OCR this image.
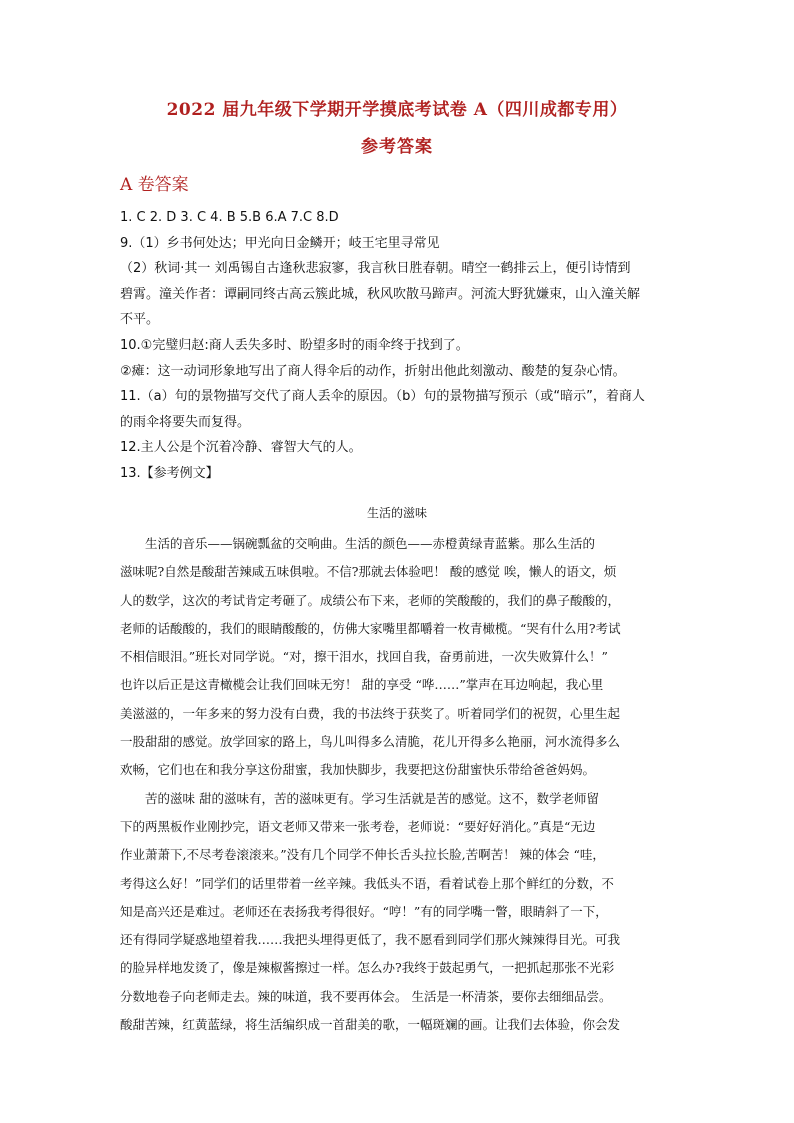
2022 届九年级下学期开学摸底考试卷 A（四川成都专用）
参考答案
A 卷答案
1. C 2. D 3. C 4. B 5.B 6.A 7.C 8.D
9.（1）乡书何处达；甲光向日金鳞开；岐王宅里寻常见
（2）秋词·其一 刘禹锡自古逢秋悲寂寥，我言秋日胜春朝。晴空一鹤排云上，便引诗情到
碧霄。潼关作者：谭嗣同终古高云簇此城，秋风吹散马蹄声。河流大野犹嫌束，山入潼关解
不平。
10.①完璧归赵:商人丢失多时、盼望多时的雨伞终于找到了。
②瘫：这一动词形象地写出了商人得伞后的动作，折射出他此刻激动、酸楚的复杂心情。
11.（a）句的景物描写交代了商人丢伞的原因。（b）句的景物描写预示（或“暗示”，着商人
的雨伞将要失而复得。
12.主人公是个沉着冷静、睿智大气的人。
13.【参考例文】
生活的滋味
　　生活的音乐——锅碗瓢盆的交响曲。生活的颜色——赤橙黄绿青蓝紫。那么生活的
滋味呢?自然是酸甜苦辣咸五味俱啦。不信?那就去体验吧！ 酸的感觉 唉，懒人的语文，烦
人的数学，这次的考试肯定考砸了。成绩公布下来，老师的笑酸酸的，我们的鼻子酸酸的，
老师的话酸酸的，我们的眼睛酸酸的，仿佛大家嘴里都嚼着一枚青橄榄。“哭有什么用?考试
不相信眼泪。”班长对同学说。“对，擦干泪水，找回自我，奋勇前进，一次失败算什么！”
也许以后正是这青橄榄会让我们回味无穷！ 甜的享受 “哗……”掌声在耳边响起，我心里
美滋滋的，一年多来的努力没有白费，我的书法终于获奖了。听着同学们的祝贺，心里生起
一股甜甜的感觉。放学回家的路上，鸟儿叫得多么清脆，花儿开得多么艳丽，河水流得多么
欢畅，它们也在和我分享这份甜蜜，我加快脚步，我要把这份甜蜜快乐带给爸爸妈妈。
　　苦的滋味 甜的滋味有，苦的滋味更有。学习生活就是苦的感觉。这不，数学老师留
下的两黑板作业刚抄完，语文老师又带来一张考卷，老师说：“要好好消化。”真是“无边
作业萧萧下,不尽考卷滚滚来。”没有几个同学不伸长舌头拉长脸,苦啊苦！ 辣的体会 “哇，
考得这么好！”同学们的话里带着一丝辛辣。我低头不语，看着试卷上那个鲜红的分数，不
知是高兴还是难过。老师还在表扬我考得很好。“哼！”有的同学嘴一瞥，眼睛斜了一下，
还有得同学疑惑地望着我……我把头埋得更低了，我不愿看到同学们那火辣辣得目光。可我
的脸异样地发烫了，像是辣椒酱擦过一样。怎么办?我终于鼓起勇气，一把抓起那张不光彩
分数地卷子向老师走去。辣的味道，我不要再体会。 生活是一杯清茶，要你去细细品尝。
酸甜苦辣，红黄蓝绿，将生活编织成一首甜美的歌，一幅斑斓的画。让我们去体验，你会发
